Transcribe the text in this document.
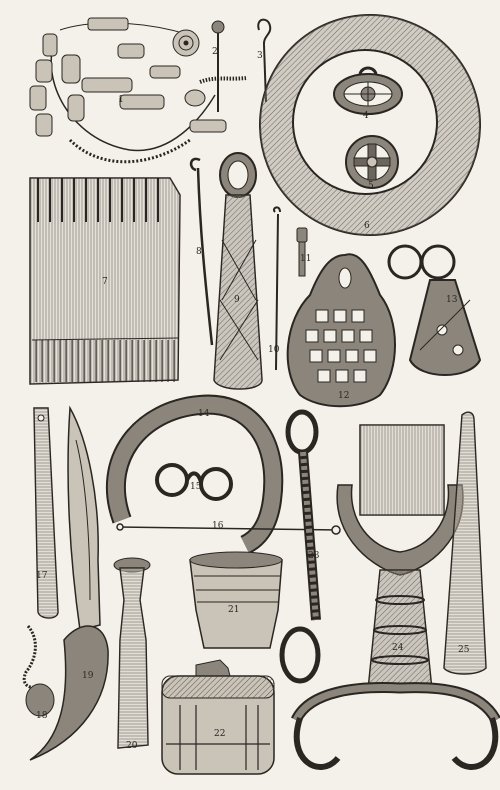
1
2	3
4
5
6
7
8
9
10
11
12
13
14
15
16
17
18
19
20
21
22
23
24	25
